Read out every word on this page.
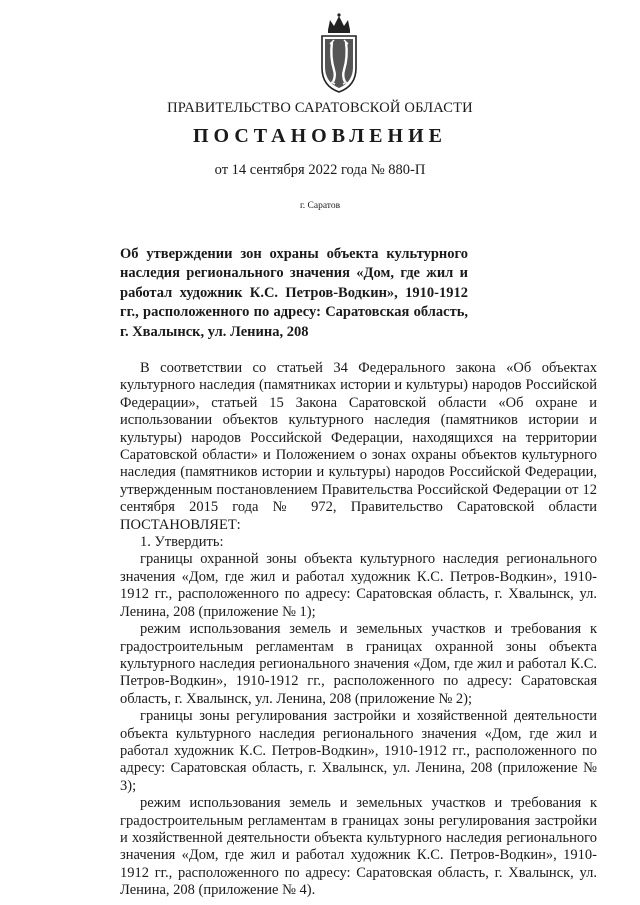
ПРАВИТЕЛЬСТВО САРАТОВСКОЙ ОБЛАСТИ
ПОСТАНОВЛЕНИЕ
от 14 сентября 2022 года № 880-П
г. Саратов
Об утверждении зон охраны объекта культурного наследия регионального значения «Дом, где жил и работал художник К.С. Петров-Водкин», 1910-1912 гг., расположенного по адресу: Саратовская область, г. Хвалынск, ул. Ленина, 208

В соответствии со статьей 34 Федерального закона «Об объектах культурного наследия (памятниках истории и культуры) народов Российской Федерации», статьей 15 Закона Саратовской области «Об охране и использовании объектов культурного наследия (памятников истории и культуры) народов Российской Федерации, находящихся на территории Саратовской области» и Положением о зонах охраны объектов культурного наследия (памятников истории и культуры) народов Российской Федерации, утвержденным постановлением Правительства Российской Федерации от 12 сентября 2015 года № 972, Правительство Саратовской области ПОСТАНОВЛЯЕТ:

1. Утвердить:

границы охранной зоны объекта культурного наследия регионального значения «Дом, где жил и работал художник К.С. Петров-Водкин», 1910-1912 гг., расположенного по адресу: Саратовская область, г. Хвалынск, ул. Ленина, 208 (приложение № 1);

режим использования земель и земельных участков и требования к градостроительным регламентам в границах охранной зоны объекта культурного наследия регионального значения «Дом, где жил и работал К.С. Петров-Водкин», 1910-1912 гг., расположенного по адресу: Саратовская область, г. Хвалынск, ул. Ленина, 208 (приложение № 2);

границы зоны регулирования застройки и хозяйственной деятельности объекта культурного наследия регионального значения «Дом, где жил и работал художник К.С. Петров-Водкин», 1910-1912 гг., расположенного по адресу: Саратовская область, г. Хвалынск, ул. Ленина, 208 (приложение № 3);

режим использования земель и земельных участков и требования к градостроительным регламентам в границах зоны регулирования застройки и хозяйственной деятельности объекта культурного наследия регионального значения «Дом, где жил и работал художник К.С. Петров-Водкин», 1910-1912 гг., расположенного по адресу: Саратовская область, г. Хвалынск, ул. Ленина, 208 (приложение № 4).
